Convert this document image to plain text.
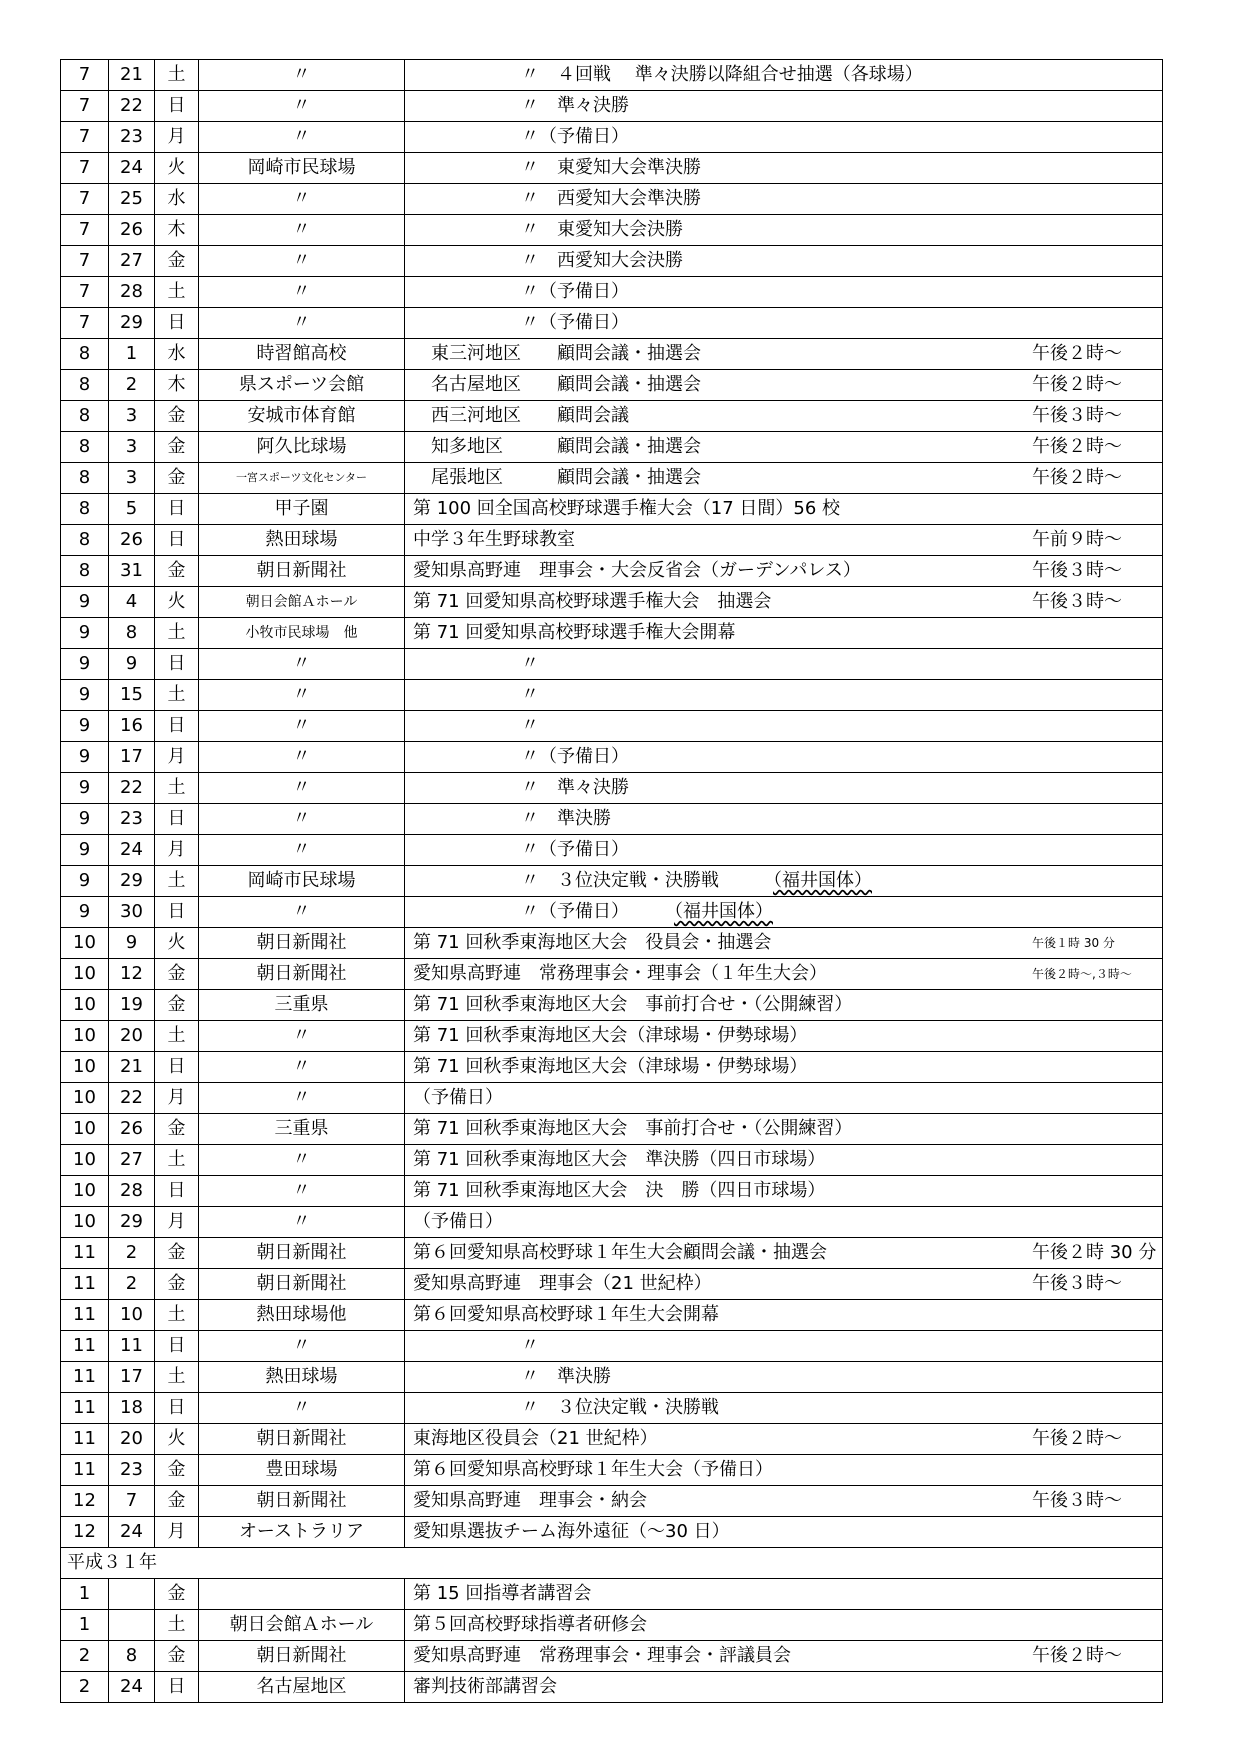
7	21	土	〃	　　　　　　〃　４回戦　 準々決勝以降組合せ抽選（各球場）

7	22	日	〃	　　　　　　〃　準々決勝

7	23	月	〃	　　　　　　〃（予備日）

7	24	火	岡崎市民球場	　　　　　　〃　東愛知大会準決勝

7	25	水	〃	　　　　　　〃　西愛知大会準決勝

7	26	木	〃	　　　　　　〃　東愛知大会決勝

7	27	金	〃	　　　　　　〃　西愛知大会決勝

7	28	土	〃	　　　　　　〃（予備日）

7	29	日	〃	　　　　　　〃（予備日）

8	1	水	時習館高校	　東三河地区　　顧問会議・抽選会 午後２時〜

8	2	木	県スポーツ会館	　名古屋地区　　顧問会議・抽選会 午後２時〜

8	3	金	安城市体育館	　西三河地区　　顧問会議 午後３時〜

8	3	金	阿久比球場	　知多地区　　　顧問会議・抽選会 午後２時〜

8	3	金	一宮スポーツ文化センター	　尾張地区　　　顧問会議・抽選会 午後２時〜

8	5	日	甲子園	第 100 回全国高校野球選手権大会（17 日間）56 校

8	26	日	熱田球場	中学３年生野球教室 午前９時〜

8	31	金	朝日新聞社	愛知県高野連　理事会・大会反省会（ガーデンパレス） 午後３時〜

9	4	火	朝日会館Ａホール	第 71 回愛知県高校野球選手権大会　抽選会 午後３時〜

9	8	土	小牧市民球場　他	第 71 回愛知県高校野球選手権大会開幕

9	9	日	〃	　　　　　　〃

9	15	土	〃	　　　　　　〃

9	16	日	〃	　　　　　　〃

9	17	月	〃	　　　　　　〃（予備日）

9	22	土	〃	　　　　　　〃　準々決勝

9	23	日	〃	　　　　　　〃　準決勝

9	24	月	〃	　　　　　　〃（予備日）

9	29	土	岡崎市民球場	　　　　　　〃　３位決定戦・決勝戦　　　 （福井国体）

9	30	日	〃	　　　　　　〃（予備日）　　　 （福井国体）

10	9	火	朝日新聞社	第 71 回秋季東海地区大会　役員会・抽選会 午後１時 30 分

10	12	金	朝日新聞社	愛知県高野連　常務理事会・理事会（１年生大会） 午後２時〜,３時〜

10	19	金	三重県	第 71 回秋季東海地区大会　事前打合せ・（公開練習）

10	20	土	〃	第 71 回秋季東海地区大会（津球場・伊勢球場）

10	21	日	〃	第 71 回秋季東海地区大会（津球場・伊勢球場）

10	22	月	〃	（予備日）

10	26	金	三重県	第 71 回秋季東海地区大会　事前打合せ・（公開練習）

10	27	土	〃	第 71 回秋季東海地区大会　準決勝（四日市球場）

10	28	日	〃	第 71 回秋季東海地区大会　決　勝（四日市球場）

10	29	月	〃	（予備日）

11	2	金	朝日新聞社	第６回愛知県高校野球１年生大会顧問会議・抽選会 午後２時 30 分

11	2	金	朝日新聞社	愛知県高野連　理事会（21 世紀枠） 午後３時〜

11	10	土	熱田球場他	第６回愛知県高校野球１年生大会開幕

11	11	日	〃	　　　　　　〃

11	17	土	熱田球場	　　　　　　〃　準決勝

11	18	日	〃	　　　　　　〃　３位決定戦・決勝戦

11	20	火	朝日新聞社	東海地区役員会（21 世紀枠） 午後２時〜

11	23	金	豊田球場	第６回愛知県高校野球１年生大会（予備日）

12	7	金	朝日新聞社	愛知県高野連　理事会・納会 午後３時〜

12	24	月	オーストラリア	愛知県選抜チーム海外遠征（〜30 日）

平成３１年				
1		金		第 15 回指導者講習会

1		土	朝日会館Ａホール	第５回高校野球指導者研修会

2	8	金	朝日新聞社	愛知県高野連　常務理事会・理事会・評議員会 午後２時〜

2	24	日	名古屋地区	審判技術部講習会
